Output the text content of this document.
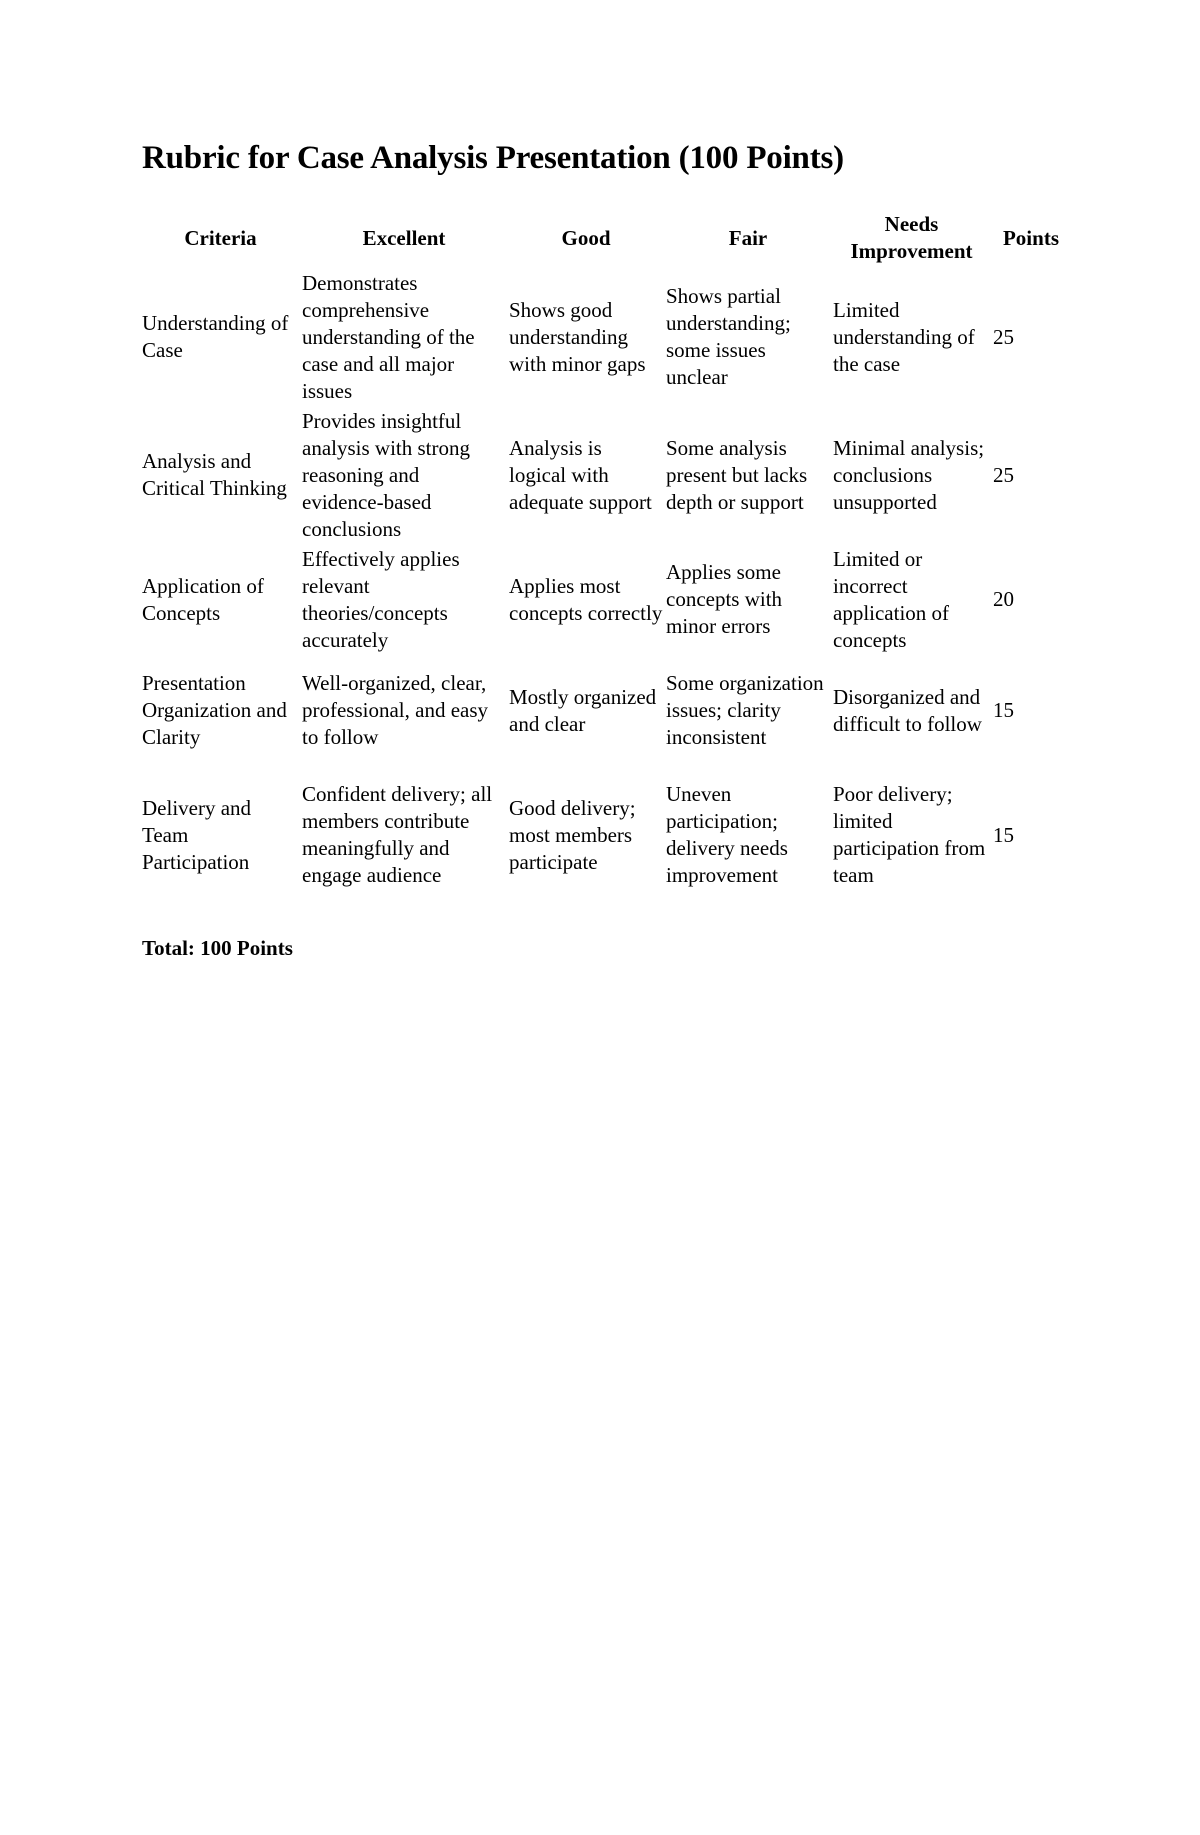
Rubric for Case Analysis Presentation (100 Points)
Criteria	Excellent	Good	Fair	Needs Improvement	Points
Understanding of Case	Demonstrates comprehensive understanding of the case and all major issues	Shows good understanding with minor gaps	Shows partial understanding; some issues unclear	Limited understanding of the case	25
Analysis and Critical Thinking	Provides insightful analysis with strong reasoning and evidence-based conclusions	Analysis is logical with adequate support	Some analysis present but lacks depth or support	Minimal analysis; conclusions unsupported	25
Application of Concepts	Effectively applies relevant theories/concepts accurately	Applies most concepts correctly	Applies some concepts with minor errors	Limited or incorrect application of concepts	20
Presentation Organization and Clarity	Well-organized, clear, professional, and easy to follow	Mostly organized and clear	Some organization issues; clarity inconsistent	Disorganized and difficult to follow	15
Delivery and Team Participation	Confident delivery; all members contribute meaningfully and engage audience	Good delivery; most members participate	Uneven participation; delivery needs improvement	Poor delivery; limited participation from team	15

Total: 100 Points
